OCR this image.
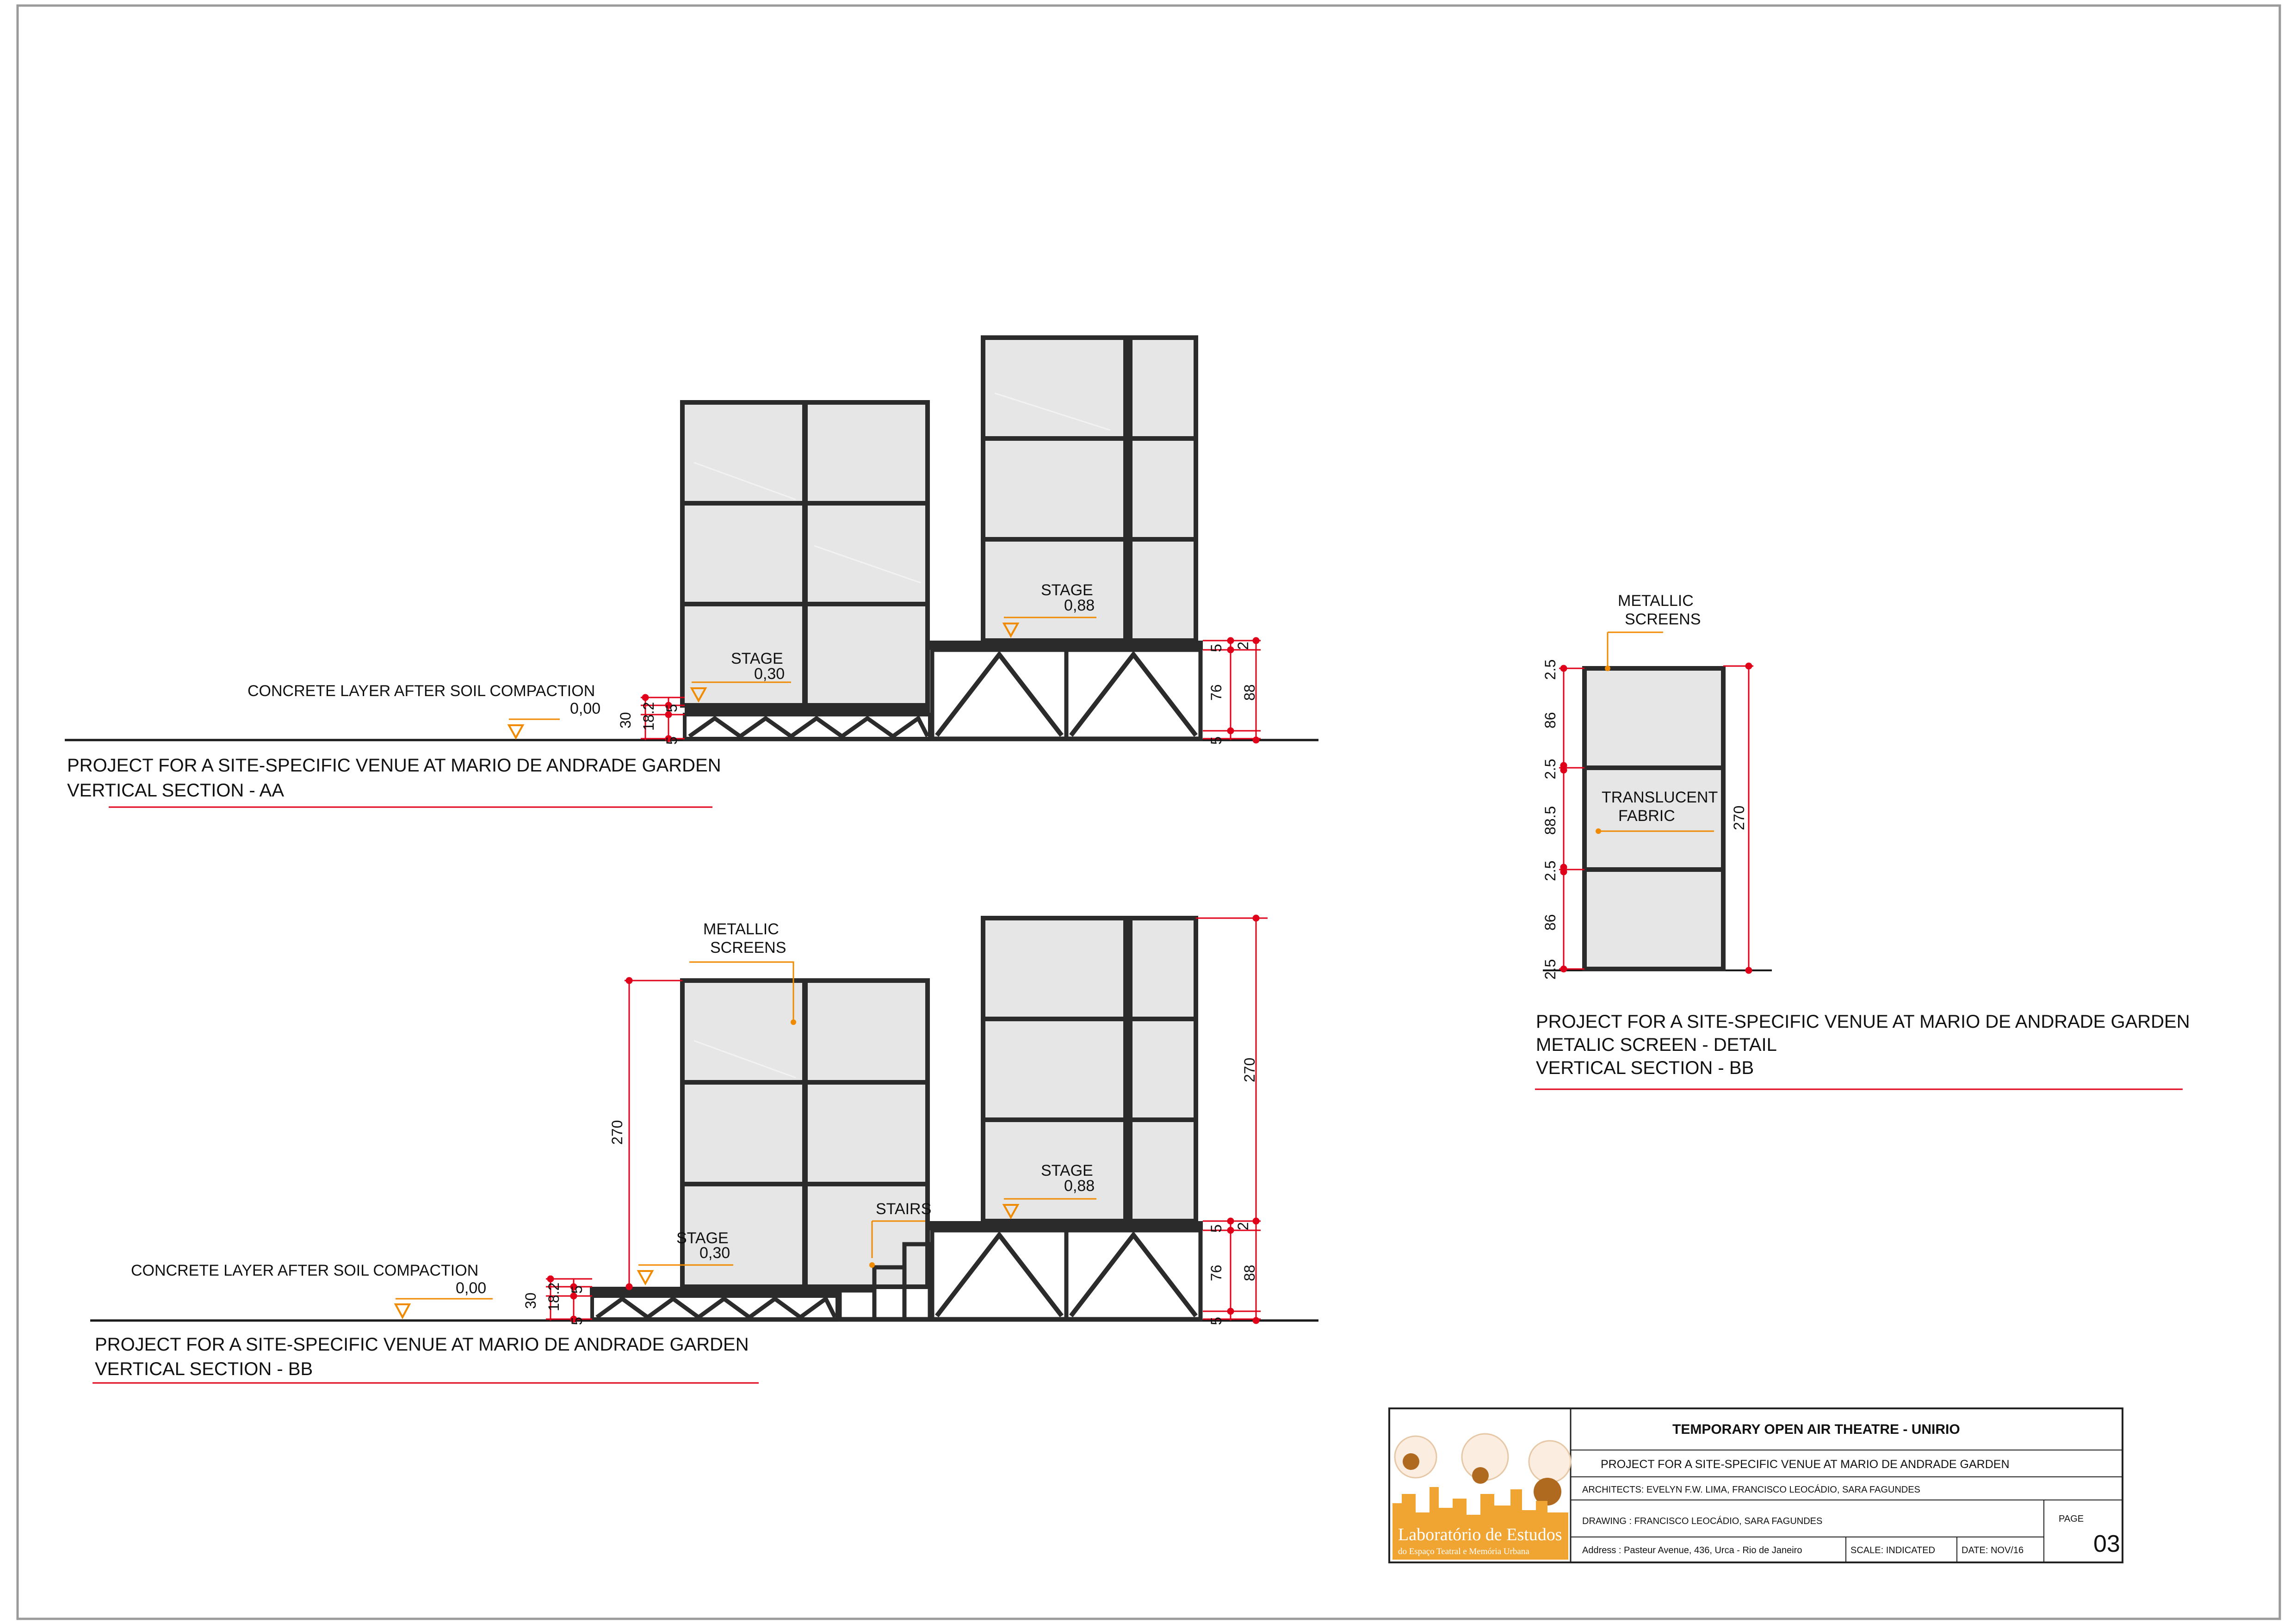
CONCRETE LAYER AFTER SOIL COMPACTION
0,00
STAGE
0,30
STAGE
0,88
30 18.2 5
5
5 2
76 88
5
PROJECT FOR A SITE-SPECIFIC VENUE AT MARIO DE ANDRADE GARDEN
VERTICAL SECTION - AA
METALLIC
SCREENS
STAIRS
CONCRETE LAYER AFTER SOIL COMPACTION
0,00
STAGE
0,30
STAGE
0,88
270
30 18.2 5
5
270
5 2
76 88
5
PROJECT FOR A SITE-SPECIFIC VENUE AT MARIO DE ANDRADE GARDEN
VERTICAL SECTION - BB
METALLIC
SCREENS
TRANSLUCENT
FABRIC
2.5
86
2.5
88.5
2.5
86
2.5
270
PROJECT FOR A SITE-SPECIFIC VENUE AT MARIO DE ANDRADE GARDEN
METALIC SCREEN - DETAIL
VERTICAL SECTION - BB
Laboratório de Estudos
do Espaço Teatral e Memória Urbana
TEMPORARY OPEN AIR THEATRE - UNIRIO
PROJECT FOR A SITE-SPECIFIC VENUE AT MARIO DE ANDRADE GARDEN
ARCHITECTS: EVELYN F.W. LIMA, FRANCISCO LEOCÁDIO, SARA FAGUNDES
DRAWING : FRANCISCO LEOCÁDIO, SARA FAGUNDES
Address : Pasteur Avenue, 436, Urca - Rio de Janeiro	SCALE: INDICATED	DATE: NOV/16
PAGE
03
